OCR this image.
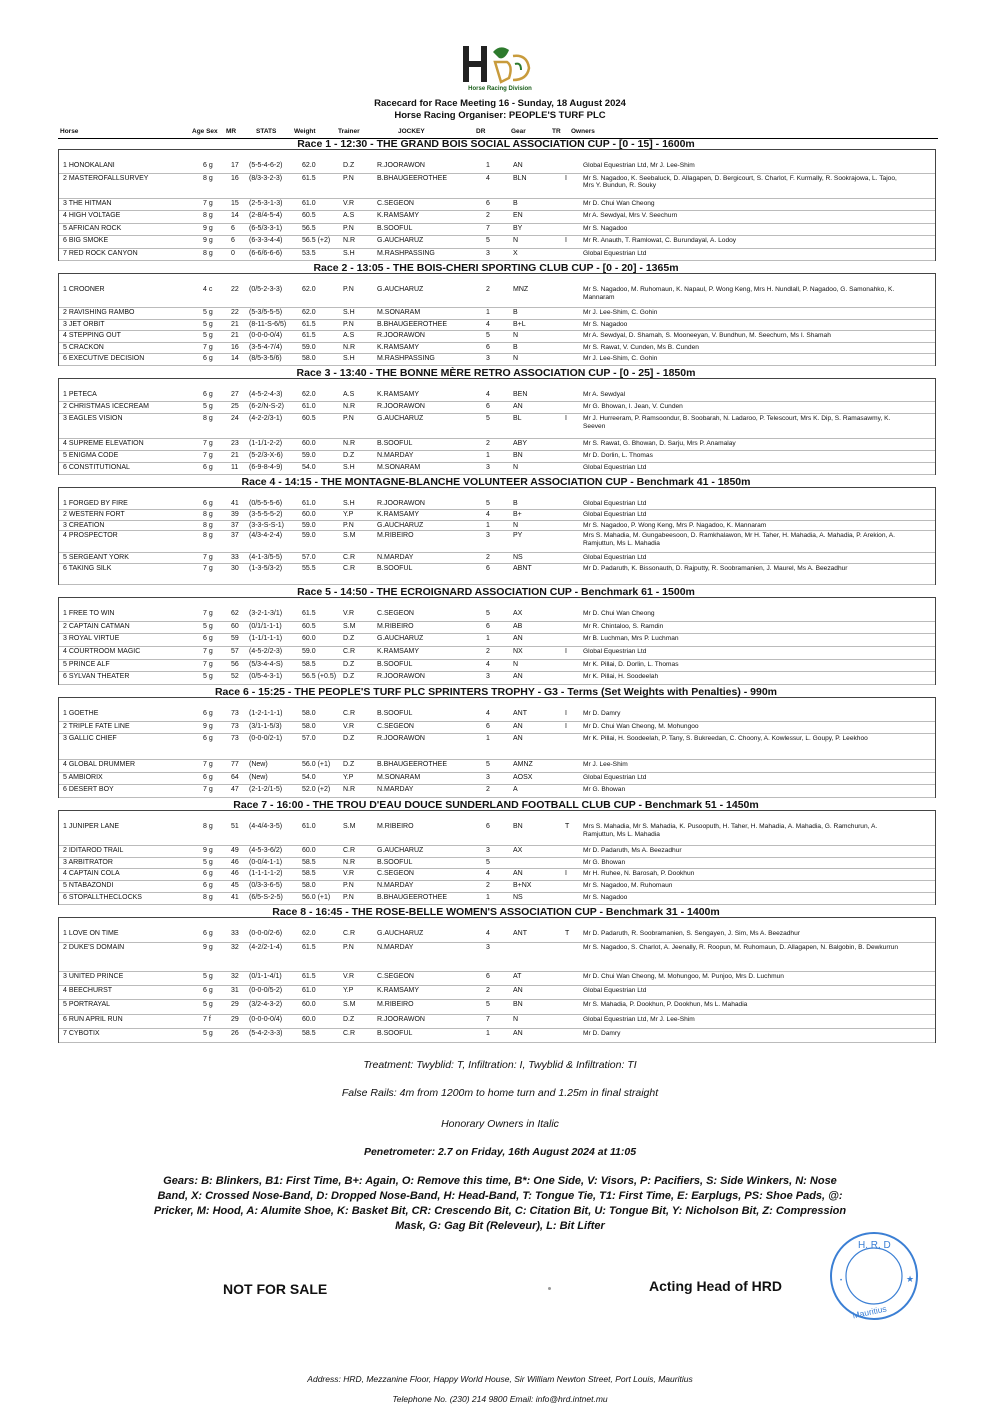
Horse Racing Division
Racecard for Race Meeting 16 - Sunday, 18 August 2024
Horse Racing Organiser: PEOPLE'S TURF PLC
Horse	Age Sex MR	STATS	Weight	Trainer	JOCKEY	DR	Gear	TR Owners
Race 1 - 12:30 - THE GRAND BOIS SOCIAL ASSOCIATION CUP - [0 - 15] - 1600m
1 HONOKALANI	6 g	17 (5-5-4-6-2)	62.0	D.Z	R.JOORAWON	1	AN	Global Equestrian Ltd, Mr J. Lee-Shim
2 MASTEROFALLSURVEY	8 g	16 (8/3-3-2-3)	61.5	P.N	B.BHAUGEEROTHEE	4	BLN	I Mr S. Nagadoo, K. Seebaluck, D. Allagapen, D. Bergicourt, S. Charlot, F. Kurmally, R. Sookrajowa, L. Tajoo, Mrs Y. Bundun, R. Souky
3 THE HITMAN	7 g	15 (2-5-3-1-3)	61.0	V.R	C.SEGEON	6	B	Mr D. Chui Wan Cheong
4 HIGH VOLTAGE	8 g	14 (2-8/4-5-4)	60.5	A.S	K.RAMSAMY	2	EN	Mr A. Sewdyal, Mrs V. Seechurn
5 AFRICAN ROCK	9 g	6 (6-5/3-3-1)	56.5	P.N	B.SOOFUL	7	BY	Mr S. Nagadoo
6 BIG SMOKE	9 g	6 (6-3-3-4-4)	56.5 (+2) N.R	G.AUCHARUZ	5	N	I Mr R. Anauth, T. Ramlowat, C. Burundayal, A. Lodoy
7 RED ROCK CANYON	8 g	0 (6-6/6-6-6)	53.5	S.H	M.RASHPASSING	3	X	Global Equestrian Ltd
Race 2 - 13:05 - THE BOIS-CHERI SPORTING CLUB CUP - [0 - 20] - 1365m
1 CROONER	4 c	22 (0/5-2-3-3)	62.0	P.N	G.AUCHARUZ	2	MNZ	Mr S. Nagadoo, M. Ruhomaun, K. Napaul, P. Wong Keng, Mrs H. Nundlall, P. Nagadoo, G. Samonahko, K. Mannaram
2 RAVISHING RAMBO	5 g	22 (5-3/5-5-5)	62.0	S.H	M.SONARAM	1	B	Mr J. Lee-Shim, C. Gohin
3 JET ORBIT	5 g	21 (8-11-S-6/5) 61.5	P.N	B.BHAUGEEROTHEE	4	B+L	Mr S. Nagadoo
4 STEPPING OUT	5 g	21 (0-0-0-0/4)	61.5	A.S	R.JOORAWON	5	N	Mr A. Sewdyal, D. Shamah, S. Mooneeyan, V. Bundhun, M. Seechurn, Ms I. Shamah
5 CRACKON	7 g	16 (3-5-4-7/4)	59.0	N.R	K.RAMSAMY	6	B	Mr S. Rawat, V. Cunden, Ms B. Cunden
6 EXECUTIVE DECISION	6 g	14 (8/5-3-5/6)	58.0	S.H	M.RASHPASSING	3	N	Mr J. Lee-Shim, C. Gohin
Race 3 - 13:40 - THE BONNE MÈRE RETRO ASSOCIATION CUP - [0 - 25] - 1850m
1 PETECA	6 g	27 (4-5-2-4-3)	62.0	A.S	K.RAMSAMY	4	BEN	Mr A. Sewdyal
2 CHRISTMAS ICECREAM	5 g	25 (6-2/N-S-2)	61.0	N.R	R.JOORAWON	6	AN	Mr G. Bhowan, I. Jean, V. Cunden
3 EAGLES VISION	8 g	24 (4-2-2/3-1)	60.5	P.N	G.AUCHARUZ	5	BL	I Mr J. Hurreeram, P. Ramsoondur, B. Soobarah, N. Ladaroo, P. Telescourt, Mrs K. Dip, S. Ramasawmy, K. Seeven
4 SUPREME ELEVATION	7 g	23 (1-1/1-2-2)	60.0	N.R	B.SOOFUL	2	ABY	Mr S. Rawat, G. Bhowan, D. Sarju, Mrs P. Anamalay
5 ENIGMA CODE	7 g	21 (5-2/3-X-6)	59.0	D.Z	N.MARDAY	1	BN	Mr D. Dorlin, L. Thomas
6 CONSTITUTIONAL	6 g	11 (6-9-8-4-9)	54.0	S.H	M.SONARAM	3	N	Global Equestrian Ltd
Race 4 - 14:15 - THE MONTAGNE-BLANCHE VOLUNTEER ASSOCIATION CUP - Benchmark 41 - 1850m
1 FORGED BY FIRE	6 g	41 (0/5-5-5-6)	61.0	S.H	R.JOORAWON	5	B	Global Equestrian Ltd
2 WESTERN FORT	8 g	39 (3-5-5-5-2)	60.0	Y.P	K.RAMSAMY	4	B+	Global Equestrian Ltd
3 CREATION	8 g	37 (3-3-S-S-1)	59.0	P.N	G.AUCHARUZ	1	N	Mr S. Nagadoo, P. Wong Keng, Mrs P. Nagadoo, K. Mannaram
4 PROSPECTOR	8 g	37 (4/3-4-2-4)	59.0	S.M	M.RIBEIRO	3	PY	Mrs S. Mahadia, M. Gungabeesoon, D. Ramkhalawon, Mr H. Taher, H. Mahadia, A. Mahadia, P. Arekion, A. Ramjuttun, Ms L. Mahadia
5 SERGEANT YORK	7 g	33 (4-1-3/5-5)	57.0	C.R	N.MARDAY	2	NS	Global Equestrian Ltd
6 TAKING SILK	7 g	30 (1-3-5/3-2)	55.5	C.R	B.SOOFUL	6	ABNT	Mr D. Padaruth, K. Bissonauth, D. Rajputty, R. Soobramanien, J. Maurel, Ms A. Beezadhur
Race 5 - 14:50 - THE ECROIGNARD ASSOCIATION CUP - Benchmark 61 - 1500m
1 FREE TO WIN	7 g	62 (3-2-1-3/1)	61.5	V.R	C.SEGEON	5	AX	Mr D. Chui Wan Cheong
2 CAPTAIN CATMAN	5 g	60 (0/1/1-1-1)	60.5	S.M	M.RIBEIRO	6	AB	Mr R. Chintaloo, S. Ramdin
3 ROYAL VIRTUE	6 g	59 (1-1/1-1-1)	60.0	D.Z	G.AUCHARUZ	1	AN	Mr B. Luchman, Mrs P. Luchman
4 COURTROOM MAGIC	7 g	57 (4-5-2/2-3)	59.0	C.R	K.RAMSAMY	2	NX	I Global Equestrian Ltd
5 PRINCE ALF	7 g	56 (5/3-4-4-S)	58.5	D.Z	B.SOOFUL	4	N	Mr K. Pillai, D. Dorlin, L. Thomas
6 SYLVAN THEATER	5 g	52 (0/5-4-3-1)	56.5 (+0.5) D.Z	R.JOORAWON	3	AN	Mr K. Pillai, H. Soodeelah
Race 6 - 15:25 - THE PEOPLE'S TURF PLC SPRINTERS TROPHY - G3 - Terms (Set Weights with Penalties) - 990m
1 GOETHE	6 g	73 (1-2-1-1-1)	58.0	C.R	B.SOOFUL	4	ANT	I Mr D. Damry
2 TRIPLE FATE LINE	9 g	73 (3/1-1-5/3)	58.0	V.R	C.SEGEON	6	AN	I Mr D. Chui Wan Cheong, M. Mohungoo
3 GALLIC CHIEF	6 g	73 (0-0-0/2-1)	57.0	D.Z	R.JOORAWON	1	AN	Mr K. Pillai, H. Soodeelah, P. Tany, S. Bukreedan, C. Choony, A. Kowlessur, L. Goupy, P. Leekhoo
4 GLOBAL DRUMMER	7 g	77 (New)	56.0 (+1) D.Z	B.BHAUGEEROTHEE	5	AMNZ	Mr J. Lee-Shim
5 AMBIORIX	6 g	64 (New)	54.0	Y.P	M.SONARAM	3	AOSX	Global Equestrian Ltd
6 DESERT BOY	7 g	47 (2-1-2/1-5)	52.0 (+2) N.R	N.MARDAY	2	A	Mr G. Bhowan
Race 7 - 16:00 - THE TROU D'EAU DOUCE SUNDERLAND FOOTBALL CLUB CUP - Benchmark 51 - 1450m
1 JUNIPER LANE	8 g	51 (4-4/4-3-5)	61.0	S.M	M.RIBEIRO	6	BN	T Mrs S. Mahadia, Mr S. Mahadia, K. Pusooputh, H. Taher, H. Mahadia, A. Mahadia, G. Ramchurun, A. Ramjuttun, Ms L. Mahadia
2 IDITAROD TRAIL	9 g	49 (4-5-3-6/2)	60.0	C.R	G.AUCHARUZ	3	AX	Mr D. Padaruth, Ms A. Beezadhur
3 ARBITRATOR	5 g	46 (0-0/4-1-1)	58.5	N.R	B.SOOFUL	5	Mr G. Bhowan
4 CAPTAIN COLA	6 g	46 (1-1-1-1-2)	58.5	V.R	C.SEGEON	4	AN	I Mr H. Ruhee, N. Barosah, P. Dookhun
5 NTABAZONDI	6 g	45 (0/3-3-6-5)	58.0	P.N	N.MARDAY	2	B+NX	Mr S. Nagadoo, M. Ruhomaun
6 STOPALLTHECLOCKS	8 g	41 (6/5-S-2-5)	56.0 (+1) P.N	B.BHAUGEEROTHEE	1	NS	Mr S. Nagadoo
Race 8 - 16:45 - THE ROSE-BELLE WOMEN'S ASSOCIATION CUP - Benchmark 31 - 1400m
1 LOVE ON TIME	6 g	33 (0-0-0/2-6)	62.0	C.R	G.AUCHARUZ	4	ANT	T Mr D. Padaruth, R. Soobramanien, S. Sengayen, J. Sim, Ms A. Beezadhur
2 DUKE'S DOMAIN	9 g	32 (4-2/2-1-4)	61.5	P.N	N.MARDAY	3	Mr S. Nagadoo, S. Charlot, A. Jeenally, R. Roopun, M. Ruhomaun, D. Allagapen, N. Balgobin, B. Dewkurrun
3 UNITED PRINCE	5 g	32 (0/1-1-4/1)	61.5	V.R	C.SEGEON	6	AT	Mr D. Chui Wan Cheong, M. Mohungoo, M. Punjoo, Mrs D. Luchmun
4 BEECHURST	6 g	31 (0-0-0/5-2)	61.0	Y.P	K.RAMSAMY	2	AN	Global Equestrian Ltd
5 PORTRAYAL	5 g	29 (3/2-4-3-2)	60.0	S.M	M.RIBEIRO	5	BN	Mr S. Mahadia, P. Dookhun, P. Dookhun, Ms L. Mahadia
6 RUN APRIL RUN	7 f	29 (0-0-0-0/4)	60.0	D.Z	R.JOORAWON	7	N	Global Equestrian Ltd, Mr J. Lee-Shim
7 CYBOTIX	5 g	26 (5-4-2-3-3)	58.5	C.R	B.SOOFUL	1	AN	Mr D. Damry
Treatment: Twyblid: T, Infiltration: I, Twyblid & Infiltration: TI
False Rails: 4m from 1200m to home turn and 1.25m in final straight
Honorary Owners in Italic
Penetrometer: 2.7 on Friday, 16th August 2024 at 11:05
Gears: B: Blinkers, B1: First Time, B+: Again, O: Remove this time, B*: One Side, V: Visors, P: Pacifiers, S: Side Winkers, N: Nose Band, X: Crossed Nose-Band, D: Dropped Nose-Band, H: Head-Band, T: Tongue Tie, T1: First Time, E: Earplugs, PS: Shoe Pads, @: Pricker, M: Hood, A: Alumite Shoe, K: Basket Bit, CR: Crescendo Bit, C: Citation Bit, U: Tongue Bit, Y: Nicholson Bit, Z: Compression Mask, G: Gag Bit (Releveur), L: Bit Lifter
NOT FOR SALE	Acting Head of HRD
H. R. D
Mauritius
★
•
Address: HRD, Mezzanine Floor, Happy World House, Sir William Newton Street, Port Louis, Mauritius
Telephone No. (230) 214 9800 Email: info@hrd.intnet.mu
